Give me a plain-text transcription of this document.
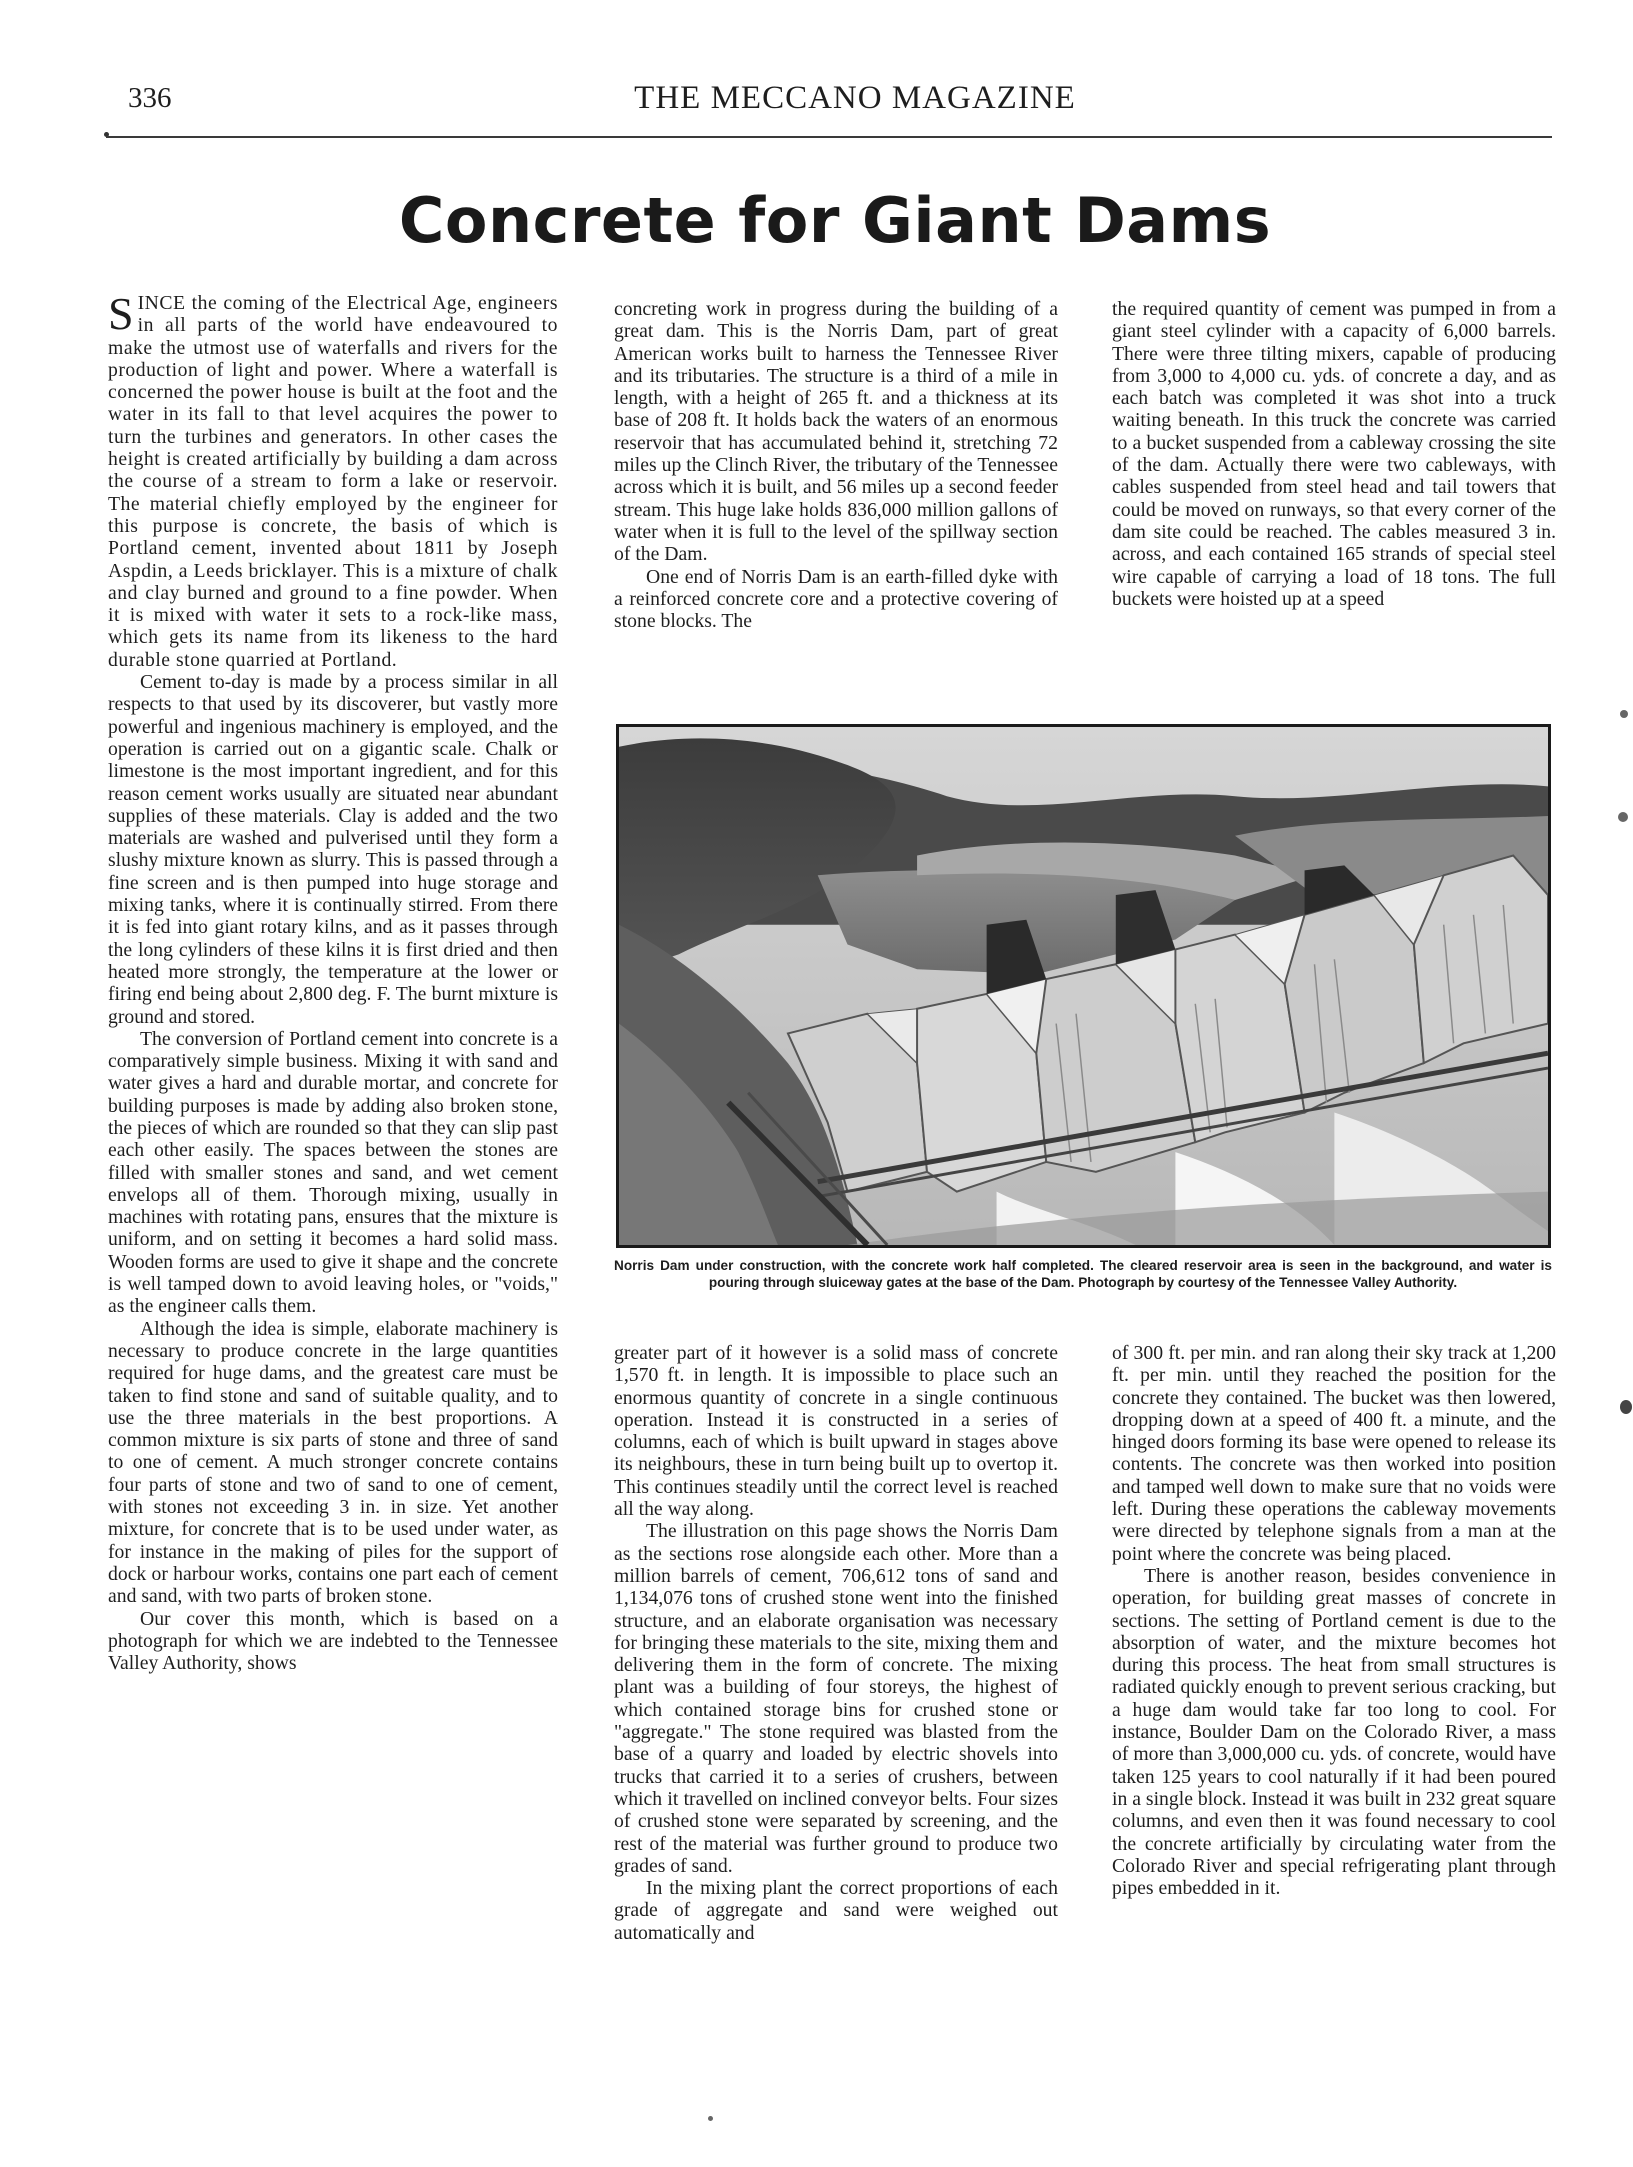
336	THE MECCANO MAGAZINE
Concrete for Giant Dams

SINCE the coming of the Electrical Age, engineers in all parts of the world have endeavoured to make the utmost use of waterfalls and rivers for the production of light and power. Where a waterfall is concerned the power house is built at the foot and the water in its fall to that level acquires the power to turn the turbines and generators. In other cases the height is created artificially by building a dam across the course of a stream to form a lake or reservoir. The material chiefly employed by the engineer for this purpose is concrete, the basis of which is Portland cement, invented about 1811 by Joseph Aspdin, a Leeds bricklayer. This is a mixture of chalk and clay burned and ground to a fine powder. When it is mixed with water it sets to a rock-like mass, which gets its name from its likeness to the hard durable stone quarried at Portland.

Cement to-day is made by a process similar in all respects to that used by its discoverer, but vastly more powerful and ingenious machinery is employed, and the operation is carried out on a gigantic scale. Chalk or limestone is the most important ingredient, and for this reason cement works usually are situated near abundant supplies of these materials. Clay is added and the two materials are washed and pulverised until they form a slushy mixture known as slurry. This is passed through a fine screen and is then pumped into huge storage and mixing tanks, where it is continually stirred. From there it is fed into giant rotary kilns, and as it passes through the long cylinders of these kilns it is first dried and then heated more strongly, the temperature at the lower or firing end being about 2,800 deg. F. The burnt mixture is ground and stored.

The conversion of Portland cement into concrete is a comparatively simple business. Mixing it with sand and water gives a hard and durable mortar, and concrete for building purposes is made by adding also broken stone, the pieces of which are rounded so that they can slip past each other easily. The spaces between the stones are filled with smaller stones and sand, and wet cement envelops all of them. Thorough mixing, usually in machines with rotating pans, ensures that the mixture is uniform, and on setting it becomes a hard solid mass. Wooden forms are used to give it shape and the concrete is well tamped down to avoid leaving holes, or "voids," as the engineer calls them.

Although the idea is simple, elaborate machinery is necessary to produce concrete in the large quantities required for huge dams, and the greatest care must be taken to find stone and sand of suitable quality, and to use the three materials in the best proportions. A common mixture is six parts of stone and three of sand to one of cement. A much stronger concrete contains four parts of stone and two of sand to one of cement, with stones not exceeding 3 in. in size. Yet another mixture, for concrete that is to be used under water, as for instance in the making of piles for the support of dock or harbour works, contains one part each of cement and sand, with two parts of broken stone.

Our cover this month, which is based on a photograph for which we are indebted to the Tennessee Valley Authority, shows

concreting work in progress during the building of a great dam. This is the Norris Dam, part of great American works built to harness the Tennessee River and its tributaries. The structure is a third of a mile in length, with a height of 265 ft. and a thickness at its base of 208 ft. It holds back the waters of an enormous reservoir that has accumulated behind it, stretching 72 miles up the Clinch River, the tributary of the Tennessee across which it is built, and 56 miles up a second feeder stream. This huge lake holds 836,000 million gallons of water when it is full to the level of the spillway section of the Dam.

One end of Norris Dam is an earth-filled dyke with a reinforced concrete core and a protective covering of stone blocks. The

the required quantity of cement was pumped in from a giant steel cylinder with a capacity of 6,000 barrels. There were three tilting mixers, capable of producing from 3,000 to 4,000 cu. yds. of concrete a day, and as each batch was completed it was shot into a truck waiting beneath. In this truck the concrete was carried to a bucket suspended from a cableway crossing the site of the dam. Actually there were two cableways, with cables suspended from steel head and tail towers that could be moved on runways, so that every corner of the dam site could be reached. The cables measured 3 in. across, and each contained 165 strands of special steel wire capable of carrying a load of 18 tons. The full buckets were hoisted up at a speed

Norris Dam under construction, with the concrete work half completed. The cleared reservoir area is seen in the background, and water is pouring through sluiceway gates at the base of the Dam. Photograph by courtesy of the Tennessee Valley Authority.

greater part of it however is a solid mass of concrete 1,570 ft. in length. It is impossible to place such an enormous quantity of concrete in a single continuous operation. Instead it is constructed in a series of columns, each of which is built upward in stages above its neighbours, these in turn being built up to overtop it. This continues steadily until the correct level is reached all the way along.

The illustration on this page shows the Norris Dam as the sections rose alongside each other. More than a million barrels of cement, 706,612 tons of sand and 1,134,076 tons of crushed stone went into the finished structure, and an elaborate organisation was necessary for bringing these materials to the site, mixing them and delivering them in the form of concrete. The mixing plant was a building of four storeys, the highest of which contained storage bins for crushed stone or "aggregate." The stone required was blasted from the base of a quarry and loaded by electric shovels into trucks that carried it to a series of crushers, between which it travelled on inclined conveyor belts. Four sizes of crushed stone were separated by screening, and the rest of the material was further ground to produce two grades of sand.

In the mixing plant the correct proportions of each grade of aggregate and sand were weighed out automatically and

of 300 ft. per min. and ran along their sky track at 1,200 ft. per min. until they reached the position for the concrete they contained. The bucket was then lowered, dropping down at a speed of 400 ft. a minute, and the hinged doors forming its base were opened to release its contents. The concrete was then worked into position and tamped well down to make sure that no voids were left. During these operations the cableway movements were directed by telephone signals from a man at the point where the concrete was being placed.

There is another reason, besides convenience in operation, for building great masses of concrete in sections. The setting of Portland cement is due to the absorption of water, and the mixture becomes hot during this process. The heat from small structures is radiated quickly enough to prevent serious cracking, but a huge dam would take far too long to cool. For instance, Boulder Dam on the Colorado River, a mass of more than 3,000,000 cu. yds. of concrete, would have taken 125 years to cool naturally if it had been poured in a single block. Instead it was built in 232 great square columns, and even then it was found necessary to cool the concrete artificially by circulating water from the Colorado River and special refrigerating plant through pipes embedded in it.
